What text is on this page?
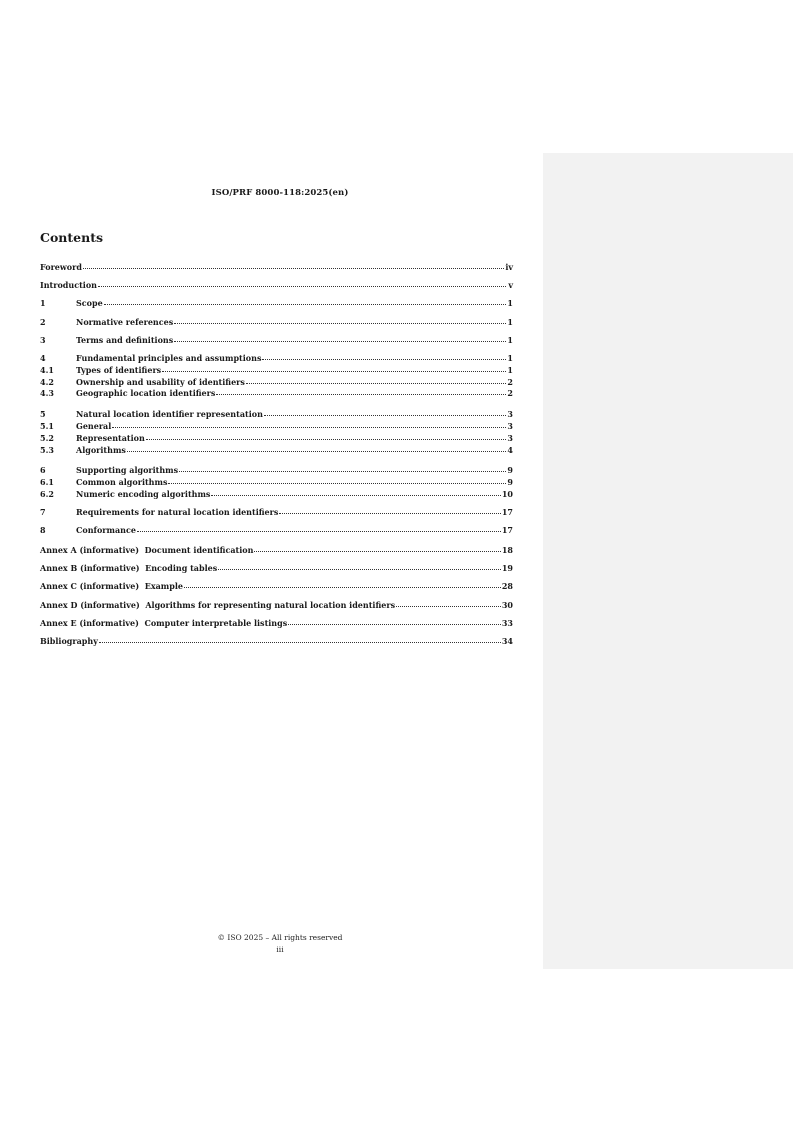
ISO/PRF 8000-118:2025(en)
Contents
Foreword	iv
Introduction	v
1	Scope	1
2	Normative references	1
3	Terms and definitions	1
4	Fundamental principles and assumptions	1
4.1	Types of identifiers	1
4.2	Ownership and usability of identifiers	2
4.3	Geographic location identifiers	2
5	Natural location identifier representation	3
5.1	General	3
5.2	Representation	3
5.3	Algorithms	4
6	Supporting algorithms	9
6.1	Common algorithms	9
6.2	Numeric encoding algorithms	10
7	Requirements for natural location identifiers	17
8	Conformance	17
Annex A (informative)  Document identification	18
Annex B (informative)  Encoding tables	19
Annex C (informative)  Example	28
Annex D (informative)  Algorithms for representing natural location identifiers	30
Annex E (informative)  Computer interpretable listings	33
Bibliography	34
© ISO 2025 – All rights reserved
iii
